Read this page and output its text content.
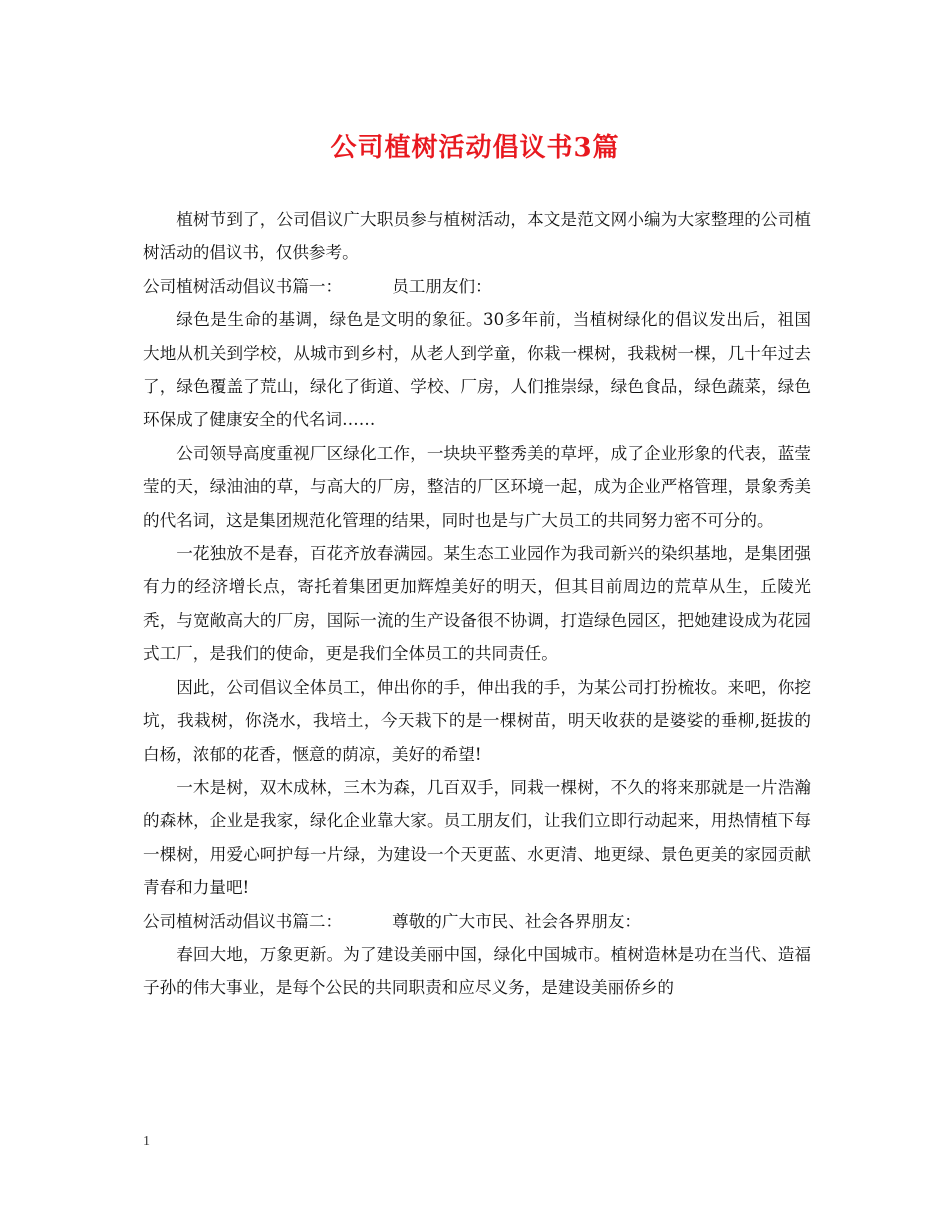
公司植树活动倡议书3篇

植树节到了，公司倡议广大职员参与植树活动，本文是范文网小编为大家整理的公司植树活动的倡议书，仅供参考。

公司植树活动倡议书篇一：	员工朋友们：

绿色是生命的基调，绿色是文明的象征。30多年前，当植树绿化的倡议发出后，祖国大地从机关到学校，从城市到乡村，从老人到学童，你栽一棵树，我栽树一棵，几十年过去了，绿色覆盖了荒山，绿化了街道、学校、厂房，人们推崇绿，绿色食品，绿色蔬菜，绿色环保成了健康安全的代名词……

公司领导高度重视厂区绿化工作，一块块平整秀美的草坪，成了企业形象的代表，蓝莹莹的天，绿油油的草，与高大的厂房，整洁的厂区环境一起，成为企业严格管理，景象秀美的代名词，这是集团规范化管理的结果，同时也是与广大员工的共同努力密不可分的。

一花独放不是春，百花齐放春满园。某生态工业园作为我司新兴的染织基地，是集团强有力的经济增长点，寄托着集团更加辉煌美好的明天，但其目前周边的荒草从生，丘陵光秃，与宽敞高大的厂房，国际一流的生产设备很不协调，打造绿色园区，把她建设成为花园式工厂，是我们的使命，更是我们全体员工的共同责任。

因此，公司倡议全体员工，伸出你的手，伸出我的手，为某公司打扮梳妆。来吧，你挖坑，我栽树，你浇水，我培土，今天栽下的是一棵树苗，明天收获的是婆娑的垂柳,挺拔的白杨，浓郁的花香，惬意的荫凉，美好的希望!

一木是树，双木成林，三木为森，几百双手，同栽一棵树，不久的将来那就是一片浩瀚的森林，企业是我家，绿化企业靠大家。员工朋友们，让我们立即行动起来，用热情植下每一棵树，用爱心呵护每一片绿，为建设一个天更蓝、水更清、地更绿、景色更美的家园贡献青春和力量吧!

公司植树活动倡议书篇二：	尊敬的广大市民、社会各界朋友：

春回大地，万象更新。为了建设美丽中国，绿化中国城市。植树造林是功在当代、造福子孙的伟大事业，是每个公民的共同职责和应尽义务，是建设美丽侨乡的

1
